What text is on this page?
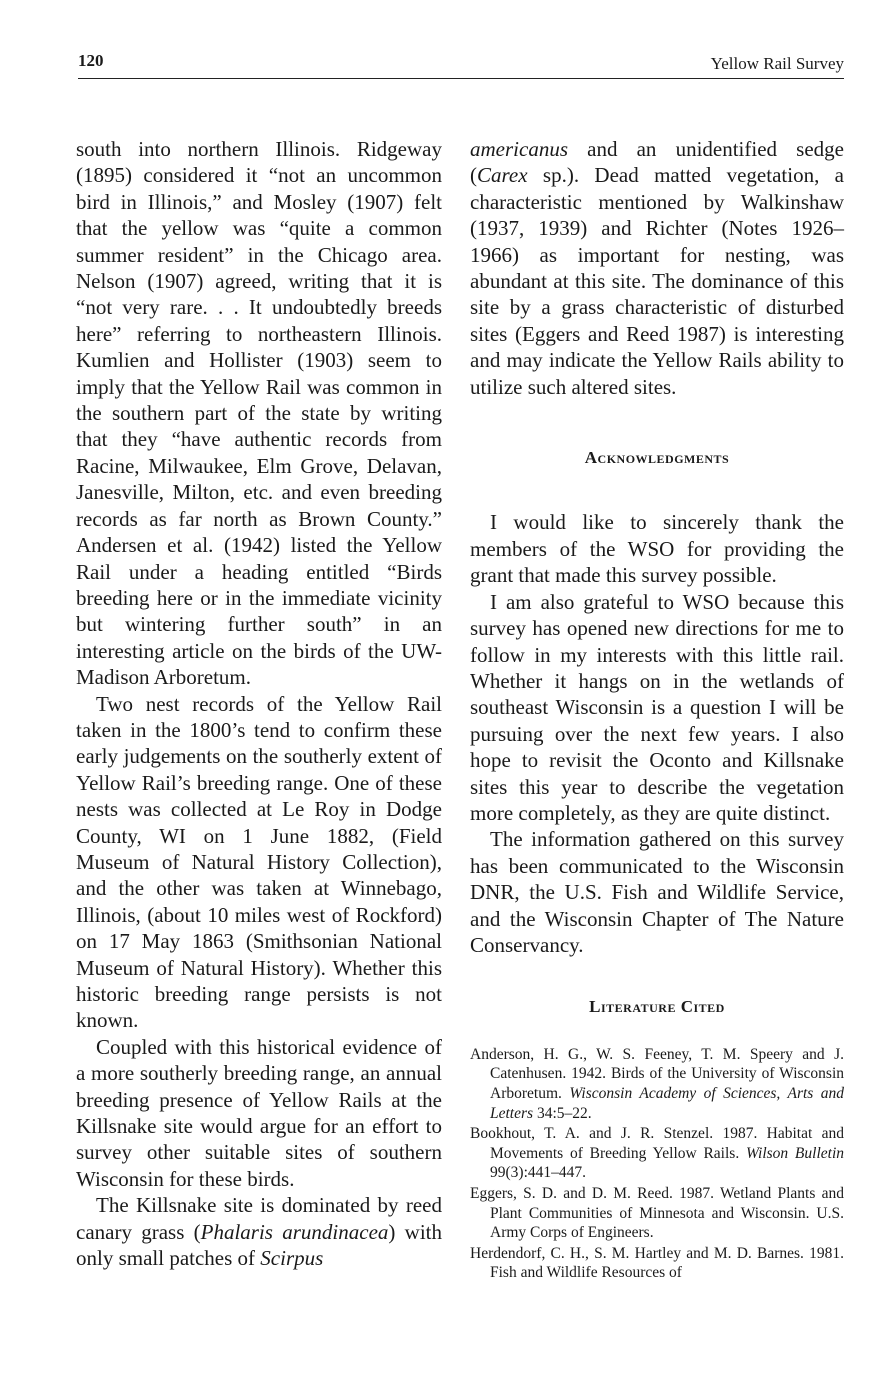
120	Yellow Rail Survey

south into northern Illinois. Ridgeway (1895) considered it “not an uncommon bird in Illinois,” and Mosley (1907) felt that the yellow was “quite a common summer resident” in the Chicago area. Nelson (1907) agreed, writing that it is “not very rare. . . It undoubtedly breeds here” referring to northeastern Illinois. Kumlien and Hollister (1903) seem to imply that the Yellow Rail was common in the southern part of the state by writing that they “have authentic records from Racine, Milwaukee, Elm Grove, Delavan, Janesville, Milton, etc. and even breeding records as far north as Brown County.” Andersen et al. (1942) listed the Yellow Rail under a heading entitled “Birds breeding here or in the immediate vicinity but wintering further south” in an interesting article on the birds of the UW-Madison Arboretum.

Two nest records of the Yellow Rail taken in the 1800’s tend to confirm these early judgements on the southerly extent of Yellow Rail’s breeding range. One of these nests was collected at Le Roy in Dodge County, WI on 1 June 1882, (Field Museum of Natural History Collection), and the other was taken at Winnebago, Illinois, (about 10 miles west of Rockford) on 17 May 1863 (Smithsonian National Museum of Natural History). Whether this historic breeding range persists is not known.

Coupled with this historical evidence of a more southerly breeding range, an annual breeding presence of Yellow Rails at the Killsnake site would argue for an effort to survey other suitable sites of southern Wisconsin for these birds.

The Killsnake site is dominated by reed canary grass (Phalaris arundinacea) with only small patches of Scirpus

americanus and an unidentified sedge (Carex sp.). Dead matted vegetation, a characteristic mentioned by Walkinshaw (1937, 1939) and Richter (Notes 1926–1966) as important for nesting, was abundant at this site. The dominance of this site by a grass characteristic of disturbed sites (Eggers and Reed 1987) is interesting and may indicate the Yellow Rails ability to utilize such altered sites.

Acknowledgments

I would like to sincerely thank the members of the WSO for providing the grant that made this survey possible.

I am also grateful to WSO because this survey has opened new directions for me to follow in my interests with this little rail. Whether it hangs on in the wetlands of southeast Wisconsin is a question I will be pursuing over the next few years. I also hope to revisit the Oconto and Killsnake sites this year to describe the vegetation more completely, as they are quite distinct.

The information gathered on this survey has been communicated to the Wisconsin DNR, the U.S. Fish and Wildlife Service, and the Wisconsin Chapter of The Nature Conservancy.

Literature Cited

Anderson, H. G., W. S. Feeney, T. M. Speery and J. Catenhusen. 1942. Birds of the University of Wisconsin Arboretum. Wisconsin Academy of Sciences, Arts and Letters 34:5–22.

Bookhout, T. A. and J. R. Stenzel. 1987. Habitat and Movements of Breeding Yellow Rails. Wilson Bulletin 99(3):441–447.

Eggers, S. D. and D. M. Reed. 1987. Wetland Plants and Plant Communities of Minnesota and Wisconsin. U.S. Army Corps of Engineers.

Herdendorf, C. H., S. M. Hartley and M. D. Barnes. 1981. Fish and Wildlife Resources of
